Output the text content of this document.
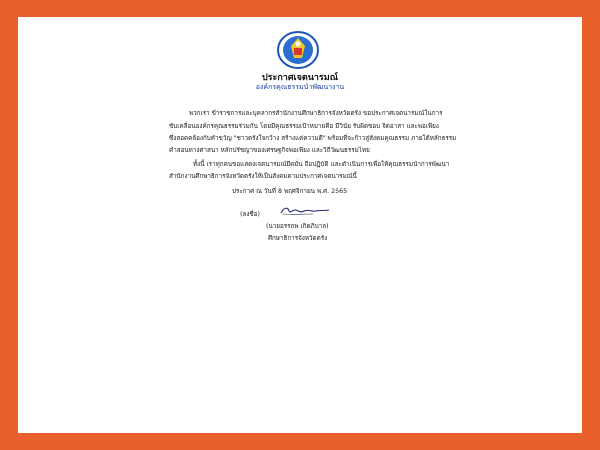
ประกาศเจตนารมณ์
องค์กรคุณธรรมนำพัฒนางาน
พวกเรา ข้าราชการและบุคลากรสำนักงานศึกษาธิการจังหวัดตรัง ขอประกาศเจตนารมณ์ในการ
ขับเคลื่อนองค์กรคุณธรรมร่วมกัน โดยมีคุณธรรมเป้าหมายคือ มีวินัย รับผิดชอบ จิตอาสา และพอเพียง
ซึ่งสอดคล้องกับคำขวัญ "ชาวตรังใจกว้าง สร้างแต่ความดี" พร้อมที่จะก้าวสู่สังคมคุณธรรม ภายใต้หลักธรรม
คำสอนทางศาสนา หลักปรัชญาของเศรษฐกิจพอเพียง และวิถีวัฒนธรรมไทย
ทั้งนี้ เราทุกคนขอแสดงเจตนารมณ์ยึดมั่น ถือปฏิบัติ และดำเนินการเพื่อให้คุณธรรมนำการพัฒนา
สำนักงานศึกษาธิการจังหวัดตรังให้เป็นสังคมตามประกาศเจตนารมณ์นี้
ประกาศ ณ วันที่ 8 พฤศจิกายน พ.ศ. 2565
(ลงชื่อ)
(นายอรรถพ เกิดภิบาล)
ศึกษาธิการจังหวัดตรัง
